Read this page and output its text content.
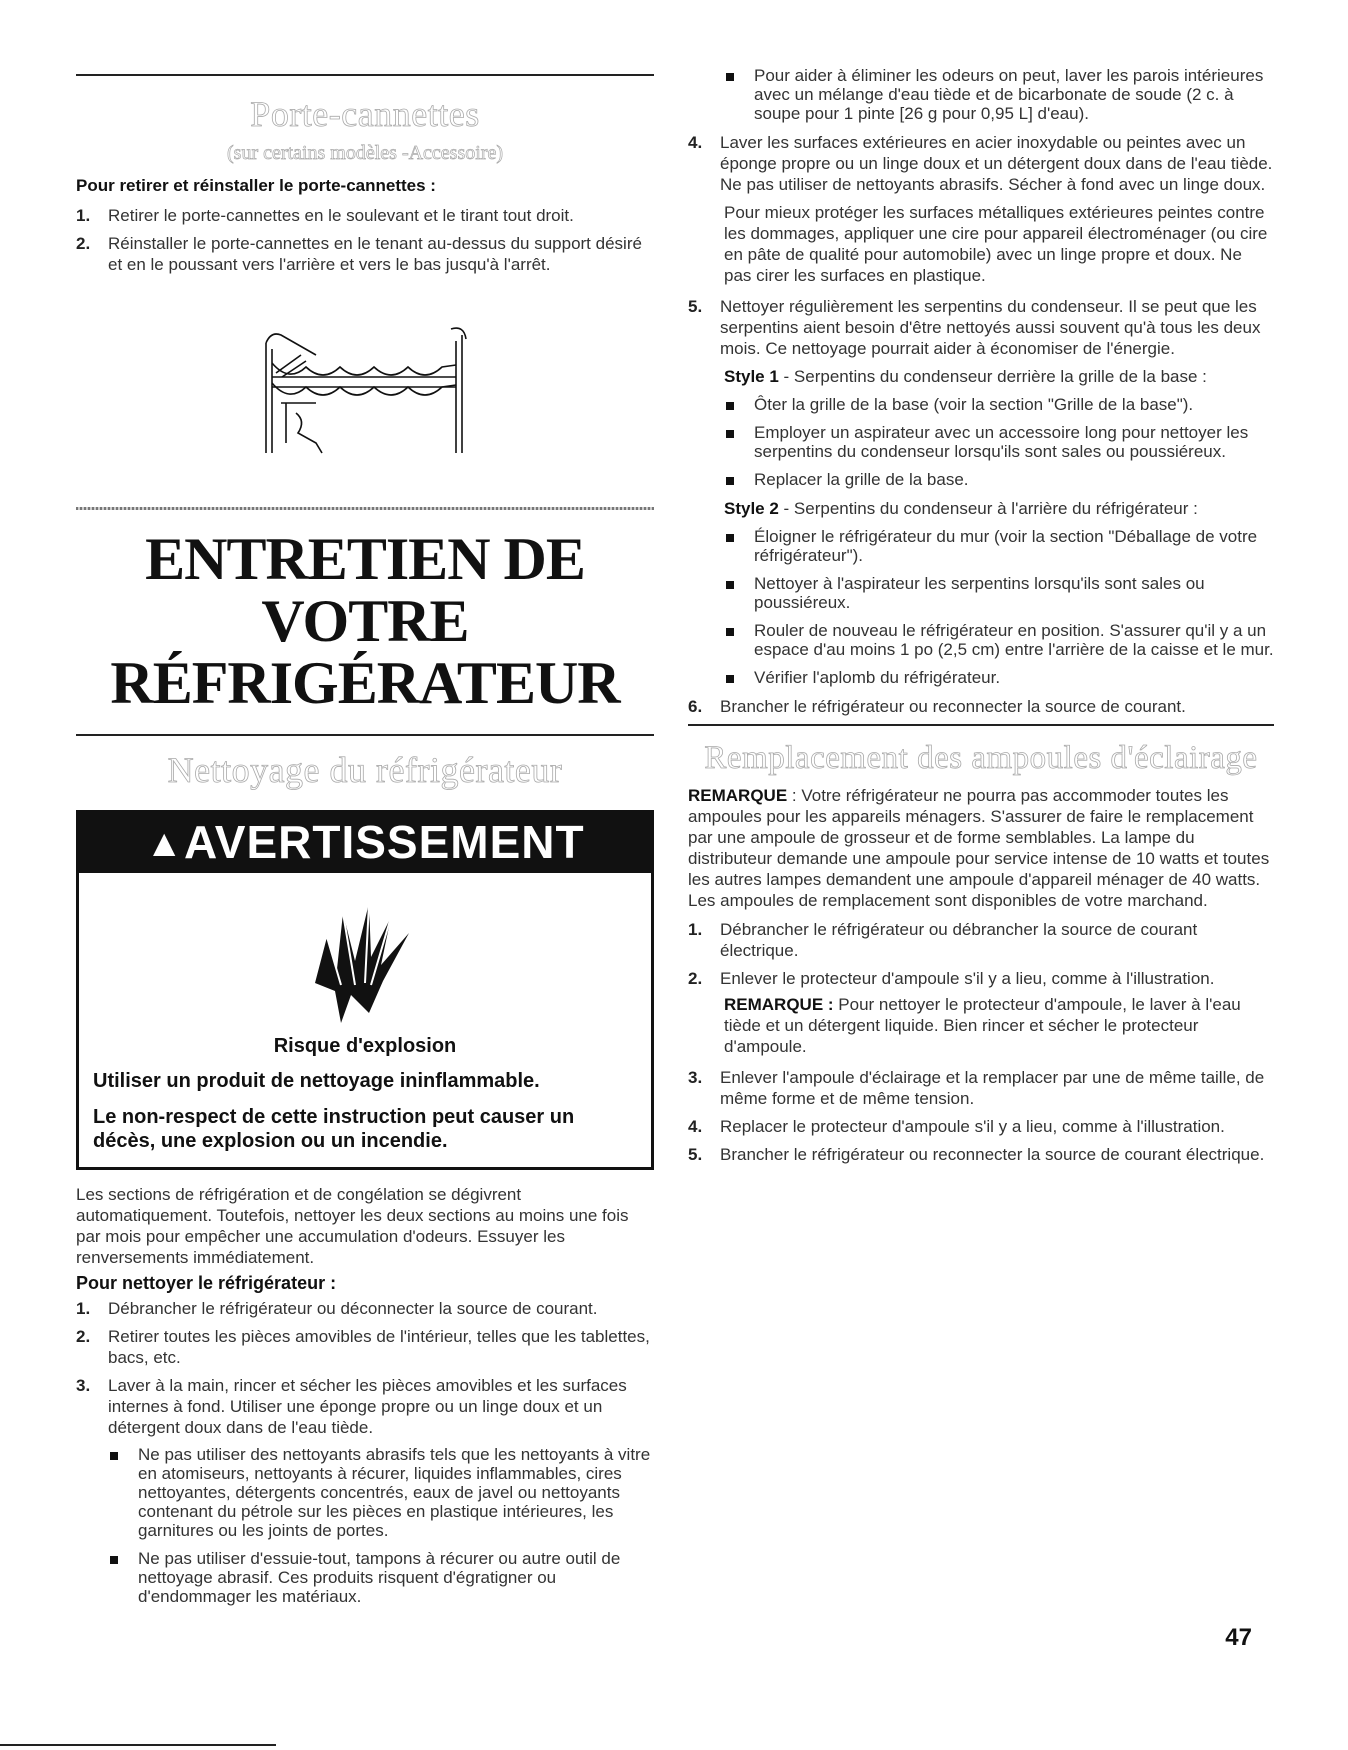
Porte-cannettes
(sur certains modèles -Accessoire)
Pour retirer et réinstaller le porte-cannettes :
1.	Retirer le porte-cannettes en le soulevant et le tirant tout droit.
2.	Réinstaller le porte-cannettes en le tenant au-dessus du support désiré et en le poussant vers l'arrière et vers le bas jusqu'à l'arrêt.
ENTRETIEN DE VOTRE
RÉFRIGÉRATEUR
Nettoyage du réfrigérateur
▲AVERTISSEMENT
Risque d'explosion
Utiliser un produit de nettoyage ininflammable.
Le non-respect de cette instruction peut causer un décès, une explosion ou un incendie.

Les sections de réfrigération et de congélation se dégivrent automatiquement. Toutefois, nettoyer les deux sections au moins une fois par mois pour empêcher une accumulation d'odeurs. Essuyer les renversements immédiatement.

Pour nettoyer le réfrigérateur :
1.	Débrancher le réfrigérateur ou déconnecter la source de courant.
2.	Retirer toutes les pièces amovibles de l'intérieur, telles que les tablettes, bacs, etc.
3.	Laver à la main, rincer et sécher les pièces amovibles et les surfaces internes à fond. Utiliser une éponge propre ou un linge doux et un détergent doux dans de l'eau tiède.
Ne pas utiliser des nettoyants abrasifs tels que les nettoyants à vitre en atomiseurs, nettoyants à récurer, liquides inflammables, cires nettoyantes, détergents concentrés, eaux de javel ou nettoyants contenant du pétrole sur les pièces en plastique intérieures, les garnitures ou les joints de portes.
Ne pas utiliser d'essuie-tout, tampons à récurer ou autre outil de nettoyage abrasif. Ces produits risquent d'égratigner ou d'endommager les matériaux.
Pour aider à éliminer les odeurs on peut, laver les parois intérieures avec un mélange d'eau tiède et de bicarbonate de soude (2 c. à soupe pour 1 pinte [26 g pour 0,95 L] d'eau).
4.	Laver les surfaces extérieures en acier inoxydable ou peintes avec un éponge propre ou un linge doux et un détergent doux dans de l'eau tiède. Ne pas utiliser de nettoyants abrasifs. Sécher à fond avec un linge doux.

Pour mieux protéger les surfaces métalliques extérieures peintes contre les dommages, appliquer une cire pour appareil électroménager (ou cire en pâte de qualité pour automobile) avec un linge propre et doux. Ne pas cirer les surfaces en plastique.

5.	Nettoyer régulièrement les serpentins du condenseur. Il se peut que les serpentins aient besoin d'être nettoyés aussi souvent qu'à tous les deux mois. Ce nettoyage pourrait aider à économiser de l'énergie.

Style 1 - Serpentins du condenseur derrière la grille de la base :

Ôter la grille de la base (voir la section "Grille de la base").
Employer un aspirateur avec un accessoire long pour nettoyer les serpentins du condenseur lorsqu'ils sont sales ou poussiéreux.
Replacer la grille de la base.

Style 2 - Serpentins du condenseur à l'arrière du réfrigérateur :

Éloigner le réfrigérateur du mur (voir la section "Déballage de votre réfrigérateur").
Nettoyer à l'aspirateur les serpentins lorsqu'ils sont sales ou poussiéreux.
Rouler de nouveau le réfrigérateur en position. S'assurer qu'il y a un espace d'au moins 1 po (2,5 cm) entre l'arrière de la caisse et le mur.
Vérifier l'aplomb du réfrigérateur.
6.	Brancher le réfrigérateur ou reconnecter la source de courant.
Remplacement des ampoules d'éclairage

REMARQUE : Votre réfrigérateur ne pourra pas accommoder toutes les ampoules pour les appareils ménagers. S'assurer de faire le remplacement par une ampoule de grosseur et de forme semblables. La lampe du distributeur demande une ampoule pour service intense de 10 watts et toutes les autres lampes demandent une ampoule d'appareil ménager de 40 watts. Les ampoules de remplacement sont disponibles de votre marchand.

1.	Débrancher le réfrigérateur ou débrancher la source de courant électrique.
2.	Enlever le protecteur d'ampoule s'il y a lieu, comme à l'illustration.

REMARQUE : Pour nettoyer le protecteur d'ampoule, le laver à l'eau tiède et un détergent liquide. Bien rincer et sécher le protecteur d'ampoule.

3.	Enlever l'ampoule d'éclairage et la remplacer par une de même taille, de même forme et de même tension.
4.	Replacer le protecteur d'ampoule s'il y a lieu, comme à l'illustration.
5.	Brancher le réfrigérateur ou reconnecter la source de courant électrique.
47
